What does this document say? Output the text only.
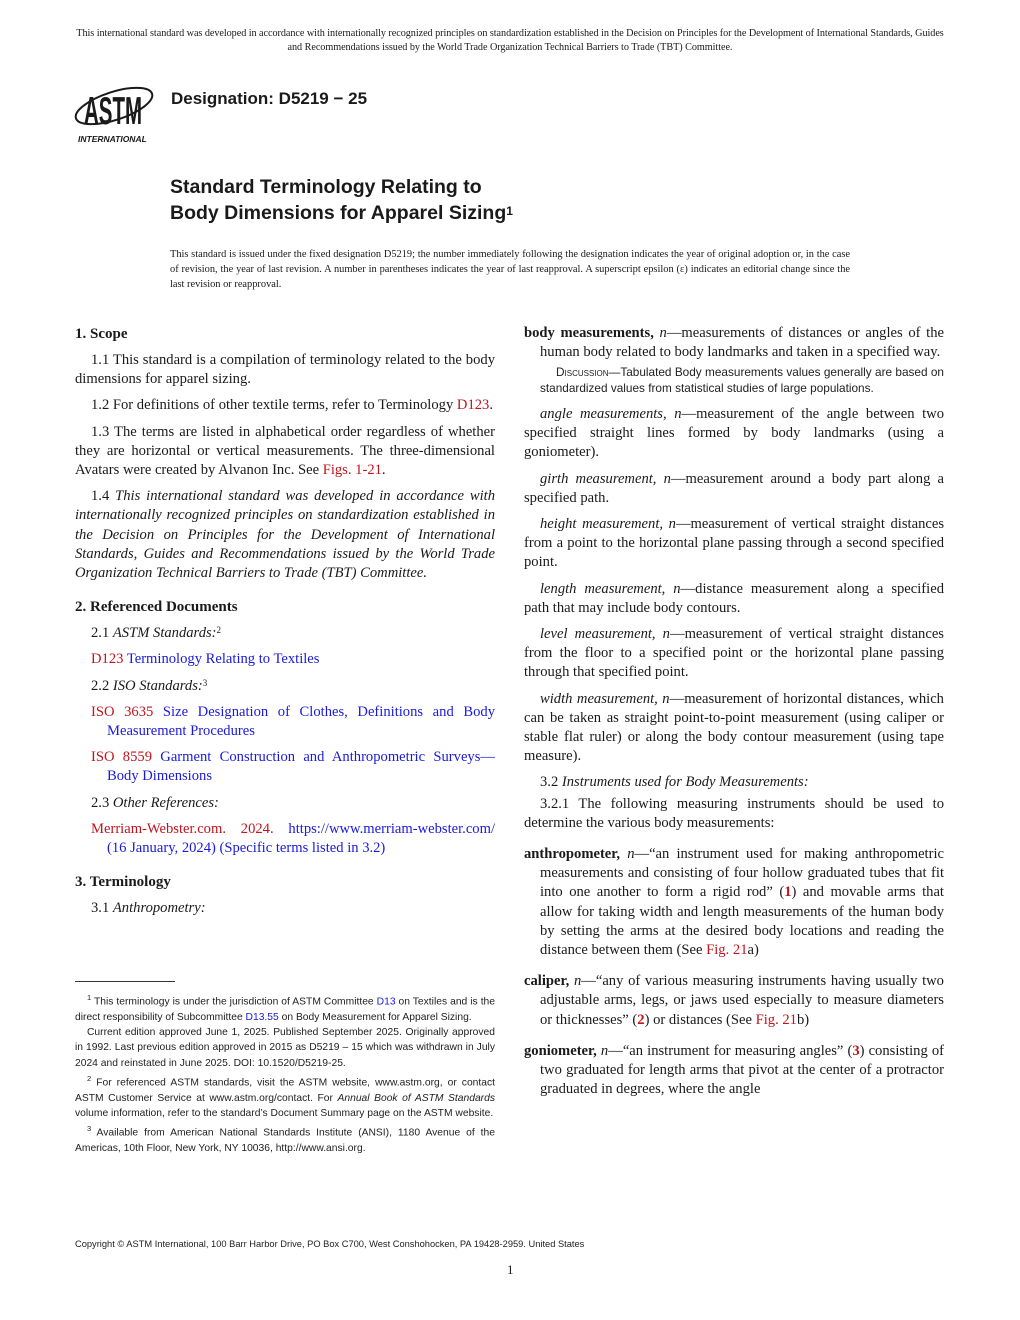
This international standard was developed in accordance with internationally recognized principles on standardization established in the Decision on Principles for the Development of International Standards, Guides and Recommendations issued by the World Trade Organization Technical Barriers to Trade (TBT) Committee.
ASTM
INTERNATIONAL
Designation: D5219 − 25
Standard Terminology Relating to
Body Dimensions for Apparel Sizing$^1$
This standard is issued under the fixed designation D5219; the number immediately following the designation indicates the year of original adoption or, in the case of revision, the year of last revision. A number in parentheses indicates the year of last reapproval. A superscript epsilon (ε) indicates an editorial change since the last revision or reapproval.
1. Scope

1.1 This standard is a compilation of terminology related to the body dimensions for apparel sizing.

1.2 For definitions of other textile terms, refer to Terminology D123.

1.3 The terms are listed in alphabetical order regardless of whether they are horizontal or vertical measurements. The three-dimensional Avatars were created by Alvanon Inc. See Figs. 1-21.

1.4 This international standard was developed in accordance with internationally recognized principles on standardization established in the Decision on Principles for the Development of International Standards, Guides and Recommendations issued by the World Trade Organization Technical Barriers to Trade (TBT) Committee.

2. Referenced Documents

2.1 ASTM Standards:$^2$

D123 Terminology Relating to Textiles

2.2 ISO Standards:$^3$

ISO 3635 Size Designation of Clothes, Definitions and Body Measurement Procedures

ISO 8559 Garment Construction and Anthropometric Surveys—Body Dimensions

2.3 Other References:

Merriam-Webster.com. 2024. https://www.merriam-webster.com/ (16 January, 2024) (Specific terms listed in 3.2)

3. Terminology

3.1 Anthropometry:

$^1$ This terminology is under the jurisdiction of ASTM Committee D13 on Textiles and is the direct responsibility of Subcommittee D13.55 on Body Measurement for Apparel Sizing.

Current edition approved June 1, 2025. Published September 2025. Originally approved in 1992. Last previous edition approved in 2015 as D5219 – 15 which was withdrawn in July 2024 and reinstated in June 2025. DOI: 10.1520/D5219-25.

$^2$ For referenced ASTM standards, visit the ASTM website, www.astm.org, or contact ASTM Customer Service at www.astm.org/contact. For Annual Book of ASTM Standards volume information, refer to the standard’s Document Summary page on the ASTM website.

$^3$ Available from American National Standards Institute (ANSI), 1180 Avenue of the Americas, 10th Floor, New York, NY 10036, http://www.ansi.org.

body measurements, n—measurements of distances or angles of the human body related to body landmarks and taken in a specified way.

Discussion—Tabulated Body measurements values generally are based on standardized values from statistical studies of large populations.

angle measurements, n—measurement of the angle between two specified straight lines formed by body landmarks (using a goniometer).

girth measurement, n—measurement around a body part along a specified path.

height measurement, n—measurement of vertical straight distances from a point to the horizontal plane passing through a second specified point.

length measurement, n—distance measurement along a specified path that may include body contours.

level measurement, n—measurement of vertical straight distances from the floor to a specified point or the horizontal plane passing through that specified point.

width measurement, n—measurement of horizontal distances, which can be taken as straight point-to-point measurement (using caliper or stable flat ruler) or along the body contour measurement (using tape measure).

3.2 Instruments used for Body Measurements:

3.2.1 The following measuring instruments should be used to determine the various body measurements:

anthropometer, n—“an instrument used for making anthropometric measurements and consisting of four hollow graduated tubes that fit into one another to form a rigid rod” (1) and movable arms that allow for taking width and length measurements of the human body by setting the arms at the desired body locations and reading the distance between them (See Fig. 21a)

caliper, n—“any of various measuring instruments having usually two adjustable arms, legs, or jaws used especially to measure diameters or thicknesses” (2) or distances (See Fig. 21b)

goniometer, n—“an instrument for measuring angles” (3) consisting of two graduated for length arms that pivot at the center of a protractor graduated in degrees, where the angle

Copyright © ASTM International, 100 Barr Harbor Drive, PO Box C700, West Conshohocken, PA 19428-2959. United States
1
